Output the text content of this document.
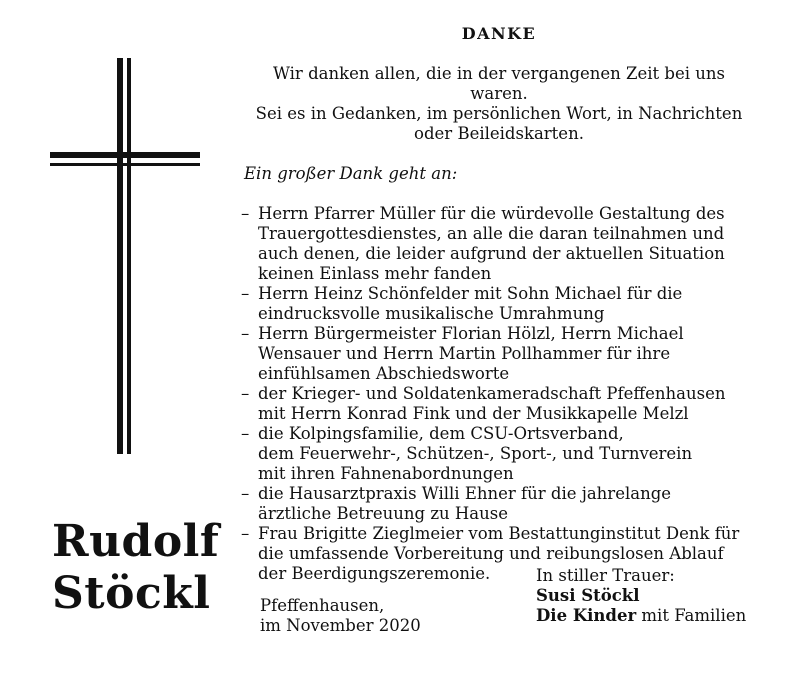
DANKE
Wir danken allen, die in der vergangenen Zeit bei uns waren.
Sei es in Gedanken, im persönlichen Wort, in Nachrichten
oder Beileidskarten.
Ein großer Dank geht an:
– Herrn Pfarrer Müller für die würdevolle Gestaltung des
Trauergottesdienstes, an alle die daran teilnahmen und
auch denen, die leider aufgrund der aktuellen Situation
keinen Einlass mehr fanden
– Herrn Heinz Schönfelder mit Sohn Michael für die
eindrucksvolle musikalische Umrahmung
– Herrn Bürgermeister Florian Hölzl, Herrn Michael
Wensauer und Herrn Martin Pollhammer für ihre
einfühlsamen Abschiedsworte
– der Krieger- und Soldatenkameradschaft Pfeffenhausen
mit Herrn Konrad Fink und der Musikkapelle Melzl
– die Kolpingsfamilie, dem CSU-Ortsverband,
dem Feuerwehr-, Schützen-, Sport-, und Turnverein
mit ihren Fahnenabordnungen
– die Hausarztpraxis Willi Ehner für die jahrelange
ärztliche Betreuung zu Hause
– Frau Brigitte Zieglmeier vom Bestattunginstitut Denk für
die umfassende Vorbereitung und reibungslosen Ablauf
der Beerdigungszeremonie.
Rudolf
Stöckl	Pfeffenhausen,
im November 2020
In stiller Trauer:
Susi Stöckl
Die Kinder mit Familien
